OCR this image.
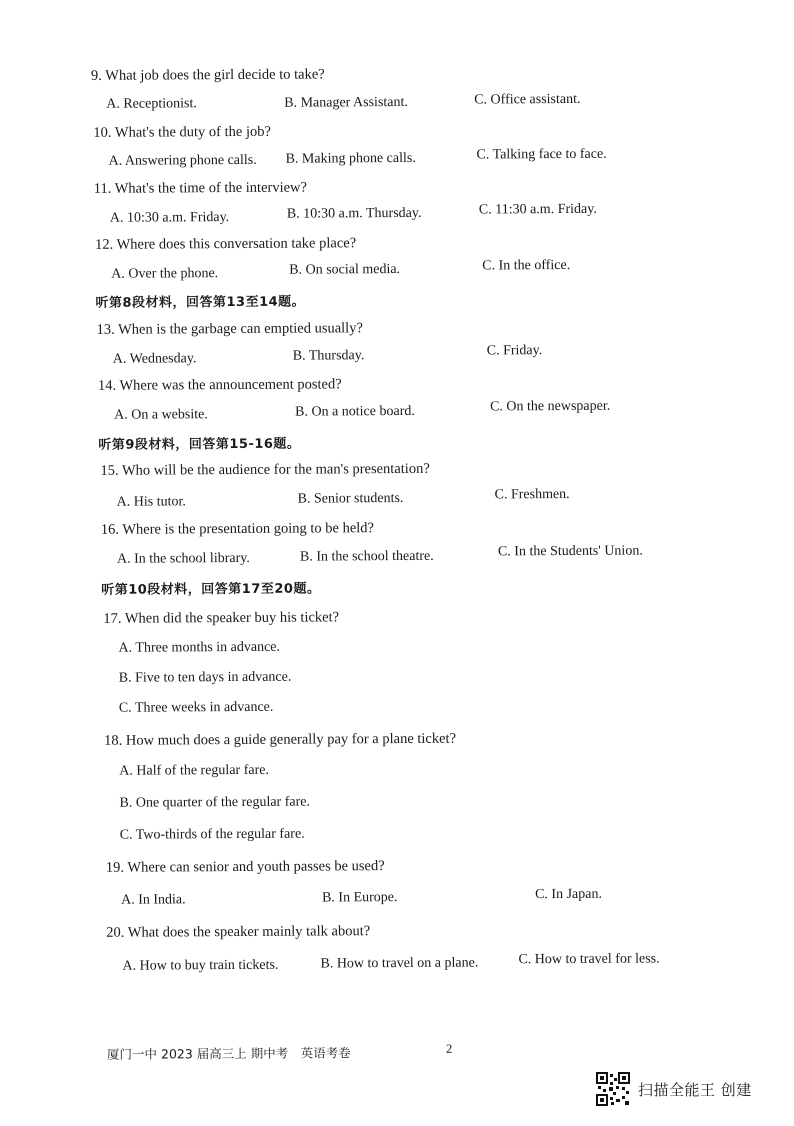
9. What job does the girl decide to take?
A. Receptionist.	B. Manager Assistant.	C. Office assistant.
10. What's the duty of the job?
A. Answering phone calls. B. Making phone calls.	C. Talking face to face.
11. What's the time of the interview?
A. 10:30 a.m. Friday.	B. 10:30 a.m. Thursday.	C. 11:30 a.m. Friday.
12. Where does this conversation take place?
A. Over the phone.	B. On social media.	C. In the office.
听第8段材料，回答第13至14题。
13. When is the garbage can emptied usually?
A. Wednesday.	B. Thursday.	C. Friday.
14. Where was the announcement posted?
A. On a website.	B. On a notice board.	C. On the newspaper.
听第9段材料，回答第15-16题。
15. Who will be the audience for the man's presentation?
A. His tutor.	B. Senior students.	C. Freshmen.
16. Where is the presentation going to be held?
A. In the school library.	B. In the school theatre.	C. In the Students' Union.
听第10段材料，回答第17至20题。
17. When did the speaker buy his ticket?
A. Three months in advance.
B. Five to ten days in advance.
C. Three weeks in advance.
18. How much does a guide generally pay for a plane ticket?
A. Half of the regular fare.
B. One quarter of the regular fare.
C. Two-thirds of the regular fare.
19. Where can senior and youth passes be used?
A. In India.	B. In Europe.	C. In Japan.
20. What does the speaker mainly talk about?
A. How to buy train tickets.	B. How to travel on a plane.	C. How to travel for less.
厦门一中 2023 届高三上 期中考　英语考卷	2
扫描全能王 创建
